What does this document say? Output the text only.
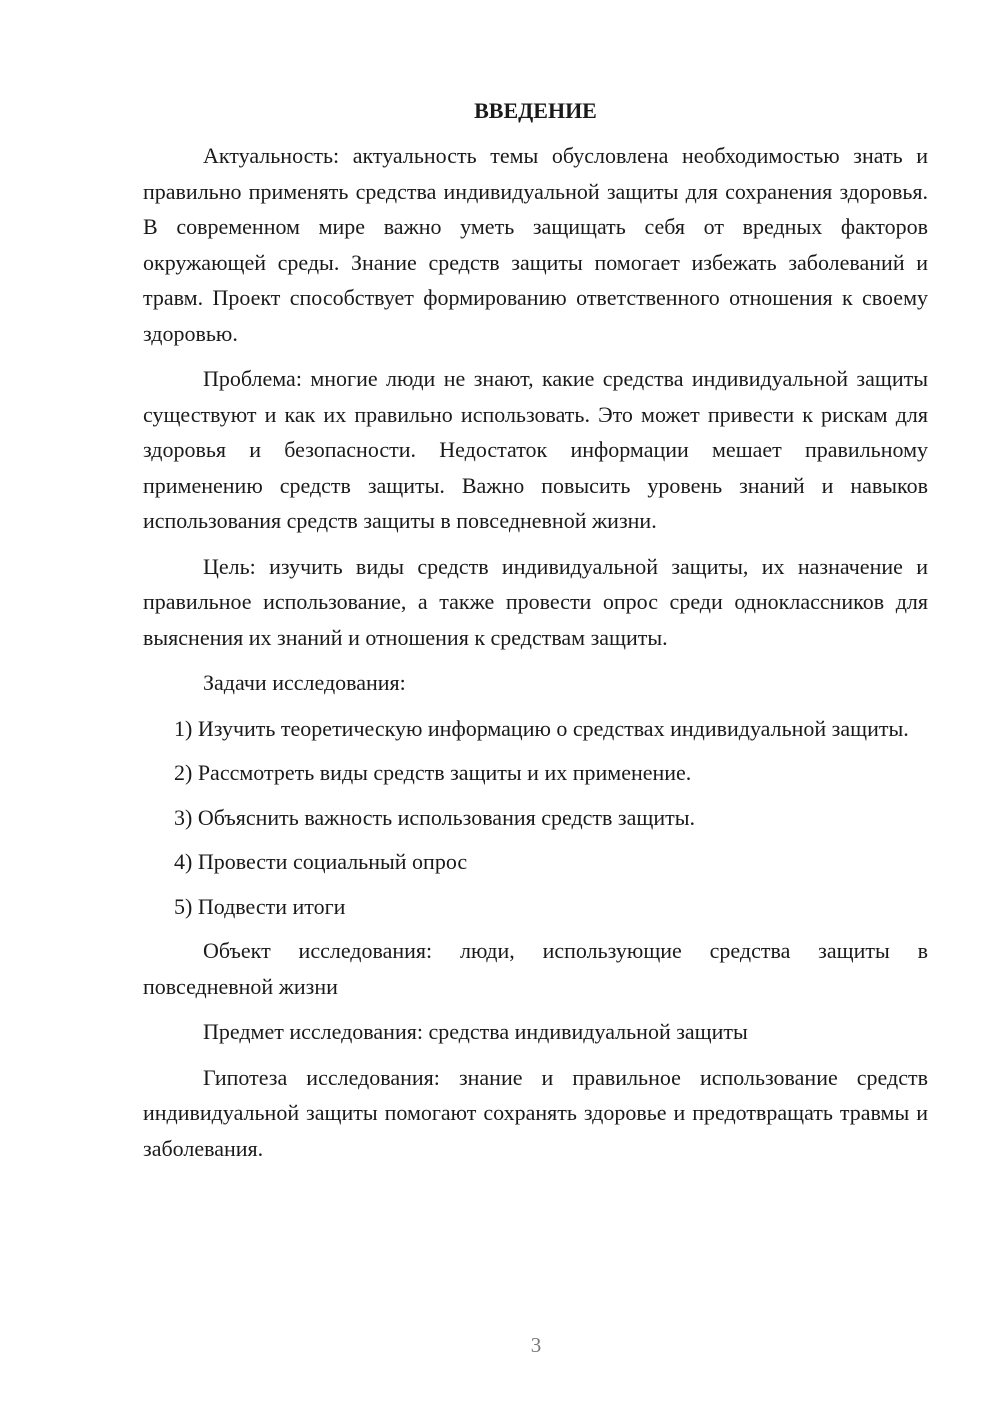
ВВЕДЕНИЕ

Актуальность: актуальность темы обусловлена необходимостью знать и правильно применять средства индивидуальной защиты для сохранения здоровья. В современном мире важно уметь защищать себя от вредных факторов окружающей среды. Знание средств защиты помогает избежать заболеваний и травм. Проект способствует формированию ответственного отношения к своему здоровью.

Проблема: многие люди не знают, какие средства индивидуальной защиты существуют и как их правильно использовать. Это может привести к рискам для здоровья и безопасности. Недостаток информации мешает правильному применению средств защиты. Важно повысить уровень знаний и навыков использования средств защиты в повседневной жизни.

Цель: изучить виды средств индивидуальной защиты, их назначение и правильное использование, а также провести опрос среди одноклассников для выяснения их знаний и отношения к средствам защиты.

Задачи исследования:

1) Изучить теоретическую информацию о средствах индивидуальной защиты.

2) Рассмотреть виды средств защиты и их применение.

3) Объяснить важность использования средств защиты.

4) Провести социальный опрос

5) Подвести итоги

Объект исследования: люди, использующие средства защиты в повседневной жизни

Предмет исследования: средства индивидуальной защиты

Гипотеза исследования: знание и правильное использование средств индивидуальной защиты помогают сохранять здоровье и предотвращать травмы и заболевания.

3
